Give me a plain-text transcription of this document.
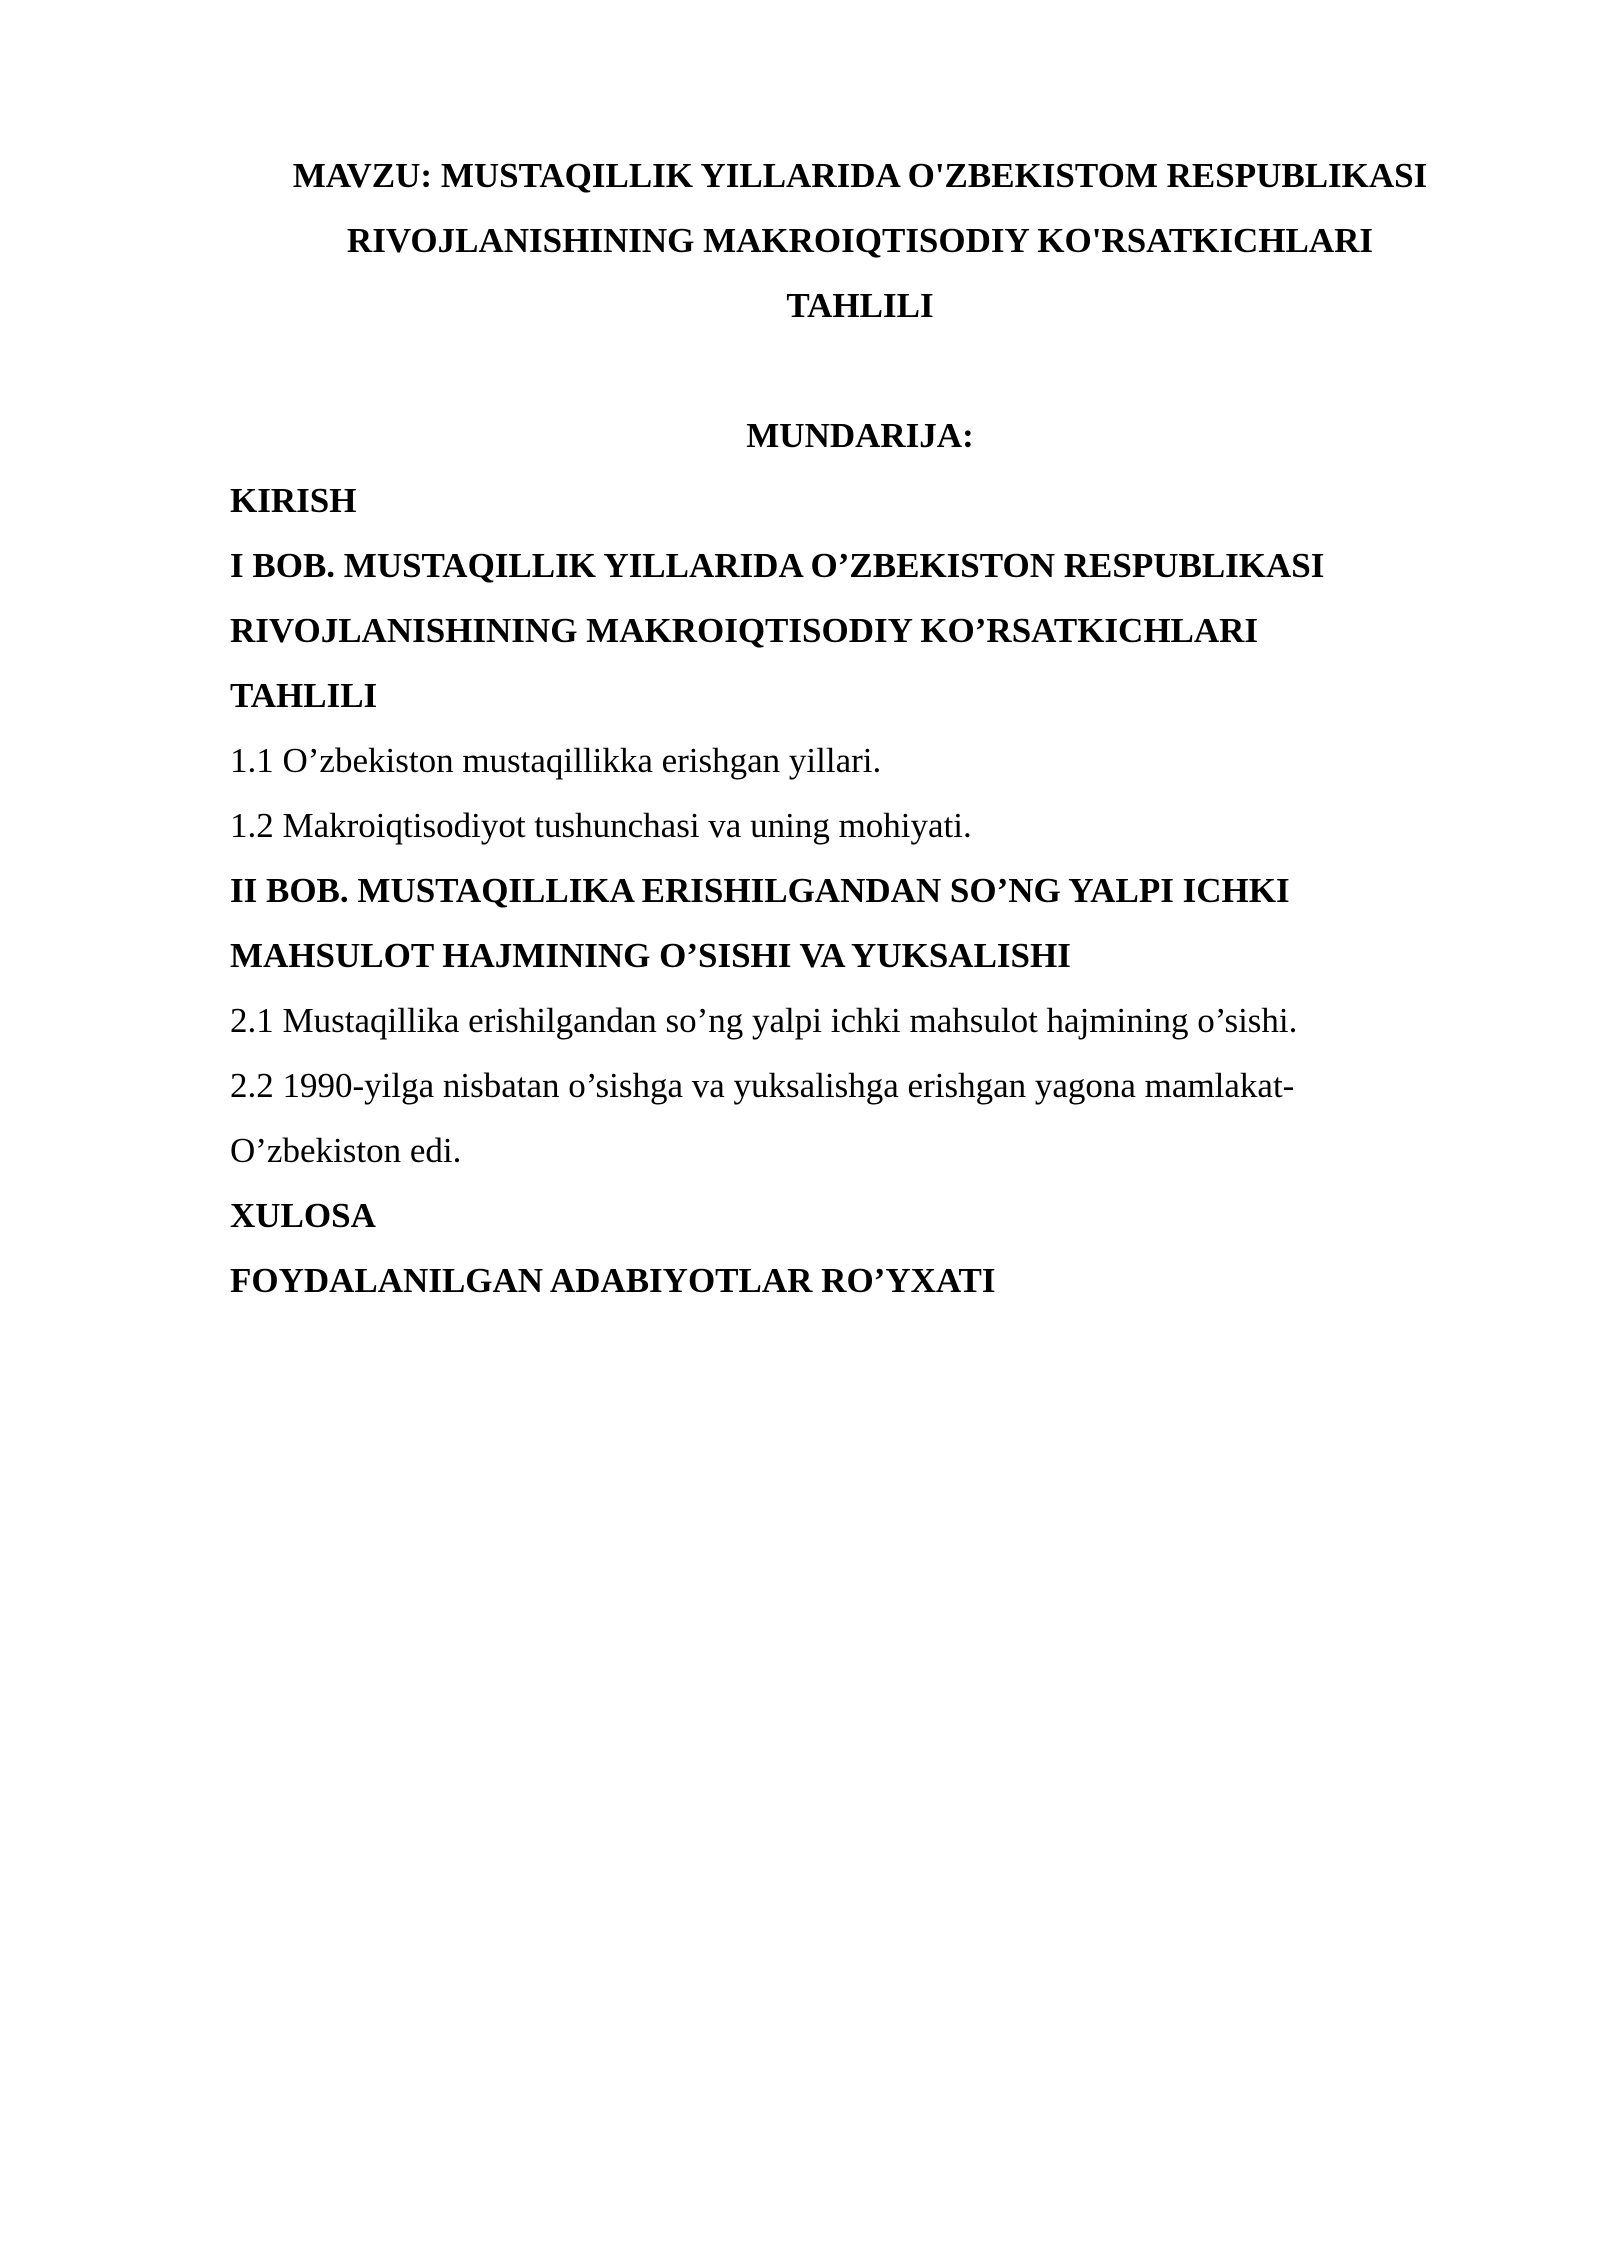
MAVZU: MUSTAQILLIK YILLARIDA O'ZBEKISTOM RESPUBLIKASI
RIVOJLANISHINING MAKROIQTISODIY KO'RSATKICHLARI
TAHLILI
MUNDARIJA:
KIRISH
I BOB. MUSTAQILLIK YILLARIDA O’ZBEKISTON RESPUBLIKASI
RIVOJLANISHINING MAKROIQTISODIY KO’RSATKICHLARI
TAHLILI
1.1 O’zbekiston mustaqillikka erishgan yillari.
1.2 Makroiqtisodiyot tushunchasi va uning mohiyati.
II BOB. MUSTAQILLIKA ERISHILGANDAN SO’NG YALPI ICHKI
MAHSULOT HAJMINING O’SISHI VA YUKSALISHI
2.1 Mustaqillika erishilgandan so’ng yalpi ichki mahsulot hajmining o’sishi.
2.2 1990-yilga nisbatan o’sishga va yuksalishga erishgan yagona mamlakat-
O’zbekiston edi.
XULOSA
FOYDALANILGAN ADABIYOTLAR RO’YXATI
